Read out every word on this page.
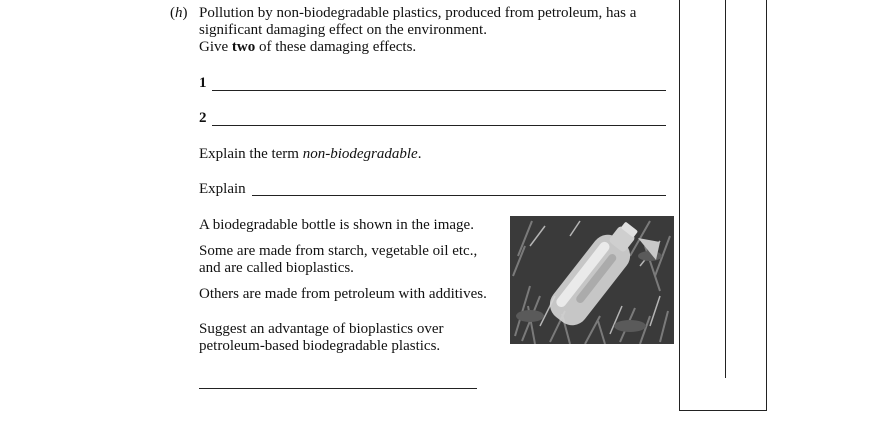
(h) Pollution by non-biodegradable plastics, produced from petroleum, has a
significant damaging effect on the environment.
Give two of these damaging effects.
1
2
Explain the term non-biodegradable.
Explain
A biodegradable bottle is shown in the image.
Some are made from starch, vegetable oil etc.,
and are called bioplastics.
Others are made from petroleum with additives.
Suggest an advantage of bioplastics over
petroleum-based biodegradable plastics.
